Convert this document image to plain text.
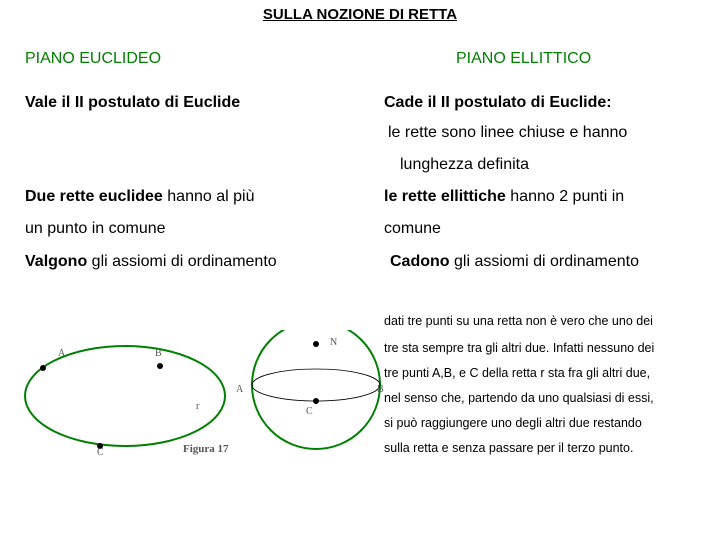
SULLA NOZIONE DI RETTA
PIANO EUCLIDEO	PIANO ELLITTICO
Vale il II postulato di Euclide	Cade il II postulato di Euclide:
le rette sono linee chiuse e hanno
lunghezza definita
Due rette euclidee hanno al più	le rette ellittiche hanno 2 punti in
un punto in comune	comune
Valgono gli assiomi di ordinamento	Cadono gli assiomi di ordinamento
dati tre punti su una retta non è vero che uno dei
tre sta sempre tra gli altri due. Infatti nessuno dei
tre punti A,B, e C della retta r sta fra gli altri due,
nel senso che, partendo da uno qualsiasi di essi,
si può raggiungere uno degli altri due restando
sulla retta e senza passare per il terzo punto.
A	B
r
C	Figura 17
N
A
C
B
